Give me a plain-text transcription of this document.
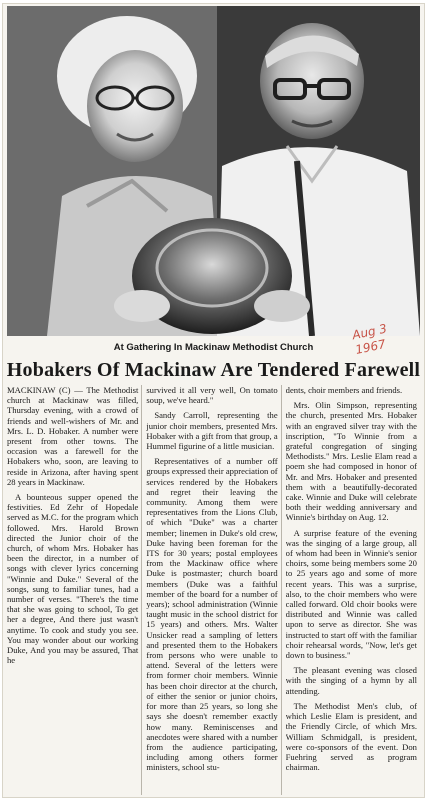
Aug 3
1967
At Gathering In Mackinaw Methodist Church
Hobakers Of Mackinaw Are Tendered Farewell

MACKINAW (C) — The Methodist church at Mackinaw was filled, Thursday evening, with a crowd of friends and well-wishers of Mr. and Mrs. L. D. Hobaker. A number were present from other towns. The occasion was a farewell for the Hobakers who, soon, are leaving to reside in Arizona, after having spent 28 years in Mackinaw.

A bounteous supper opened the festivities. Ed Zehr of Hopedale served as M.C. for the program which followed. Mrs. Harold Brown directed the Junior choir of the church, of whom Mrs. Hobaker has been the director, in a number of songs with clever lyrics concerning "Winnie and Duke." Several of the songs, sung to familiar tunes, had a number of verses. "There's the time that she was going to school, To get her a degree, And there just wasn't anytime. To cook and study you see. You may wonder about our working Duke, And you may be assured, That he

survived it all very well, On tomato soup, we've heard."

Sandy Carroll, representing the junior choir members, presented Mrs. Hobaker with a gift from that group, a Hummel figurine of a little musician.

Representatives of a number off groups expressed their appreciation of services rendered by the Hobakers and regret their leaving the community. Among them were representatives from the Lions Club, of which "Duke" was a charter member; linemen in Duke's old crew, Duke having been foreman for the ITS for 30 years; postal employees from the Mackinaw office where Duke is postmaster; church board members (Duke was a faithful member of the board for a number of years); school administration (Winnie taught music in the school district for 15 years) and others. Mrs. Walter Unsicker read a sampling of letters and presented them to the Hobakers from persons who were unable to attend. Several of the letters were from former choir members. Winnie has been choir director at the church, of either the senior or junior choirs, for more than 25 years, so long she says she doesn't remember exactly how many. Reminiscenses and anecdotes were shared with a number from the audience participating, including among others former ministers, school stu-

dents, choir members and friends.

Mrs. Olin Simpson, representing the church, presented Mrs. Hobaker with an engraved silver tray with the inscription, "To Winnie from a grateful congregation of singing Methodists." Mrs. Leslie Elam read a poem she had composed in honor of Mr. and Mrs. Hobaker and presented them with a beautifully-decorated cake. Winnie and Duke will celebrate both their wedding anniversary and Winnie's birthday on Aug. 12.

A surprise feature of the evening was the singing of a large group, all of whom had been in Winnie's senior choirs, some being members some 20 to 25 years ago and some of more recent years. This was a surprise, also, to the choir members who were called forward. Old choir books were distributed and Winnie was called upon to serve as director. She was instructed to start off with the familiar choir rehearsal words, "Now, let's get down to business."

The pleasant evening was closed with the singing of a hymn by all attending.

The Methodist Men's club, of which Leslie Elam is president, and the Friendly Circle, of which Mrs. William Schmidgall, is president, were co-sponsors of the event. Don Fuehring served as program chairman.
